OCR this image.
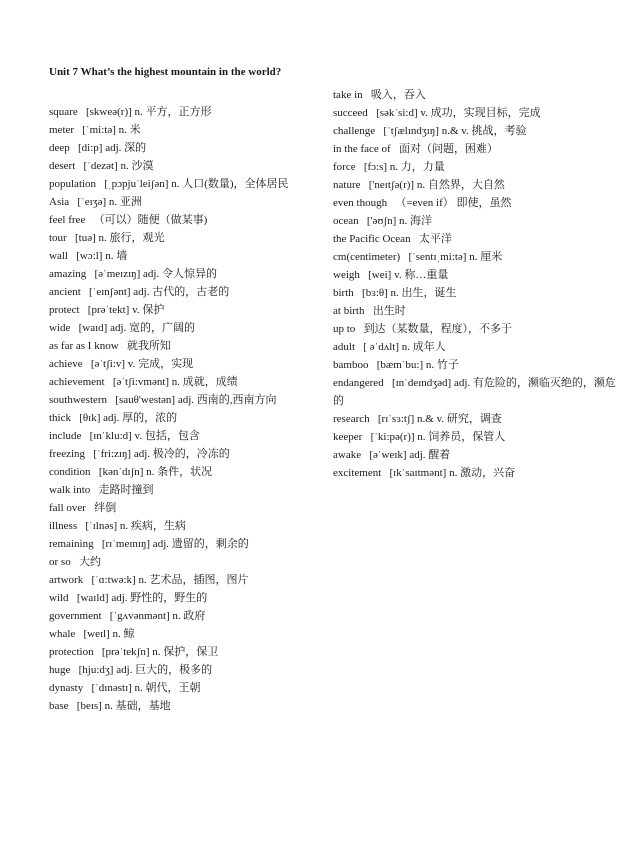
Unit 7 What’s the highest mountain in the world?
square [skweə(r)] n. 平方，正方形
meter [ˈmi:tə] n. 米
deep [di:p] adj. 深的
desert [ˈdezət] n. 沙漠
population [ˌpɔpjuˈleiʃən] n. 人口(数量)，全体居民
Asia [ˈeɪʒə] n. 亚洲
feel free （可以）随便（做某事)
tour [tuə] n. 旅行，观光
wall [wɔ:l] n. 墙
amazing [əˈmeɪzɪŋ] adj. 令人惊异的
ancient [ˈeɪnʃənt] adj. 古代的，古老的
protect [prəˈtekt] v. 保护
wide [waɪd] adj. 宽的，广阔的
as far as I know 就我所知
achieve [əˈtʃi:v] v. 完成，实现
achievement [əˈtʃi:vmənt] n. 成就，成绩
southwestern [sauθ'westən] adj. 西南的,西南方向
thick [θɪk] adj. 厚的，浓的
include [ɪnˈklu:d] v. 包括，包含
freezing [ˈfri:zɪŋ] adj. 极冷的，冷冻的
condition [kənˈdɪʃn] n. 条件，状况
walk into 走路时撞到
fall over 绊倒
illness [ˈɪlnəs] n. 疾病，生病
remaining [rɪˈmeɪnɪŋ] adj. 遗留的，剩余的
or so 大约
artwork [ˈɑ:twə:k] n. 艺术品，插图，图片
wild [waɪld] adj. 野性的，野生的
government [ˈgʌvənmənt] n. 政府
whale [weɪl] n. 鲸
protection [prəˈtekʃn] n. 保护，保卫
huge [hju:dʒ] adj. 巨大的，极多的
dynasty [ˈdɪnəstɪ] n. 朝代，王朝
base [beɪs] n. 基础，基地
take in 吸入，吞入
succeed [səkˈsi:d] v. 成功，实现目标，完成
challenge [ˈtʃælɪndʒɪŋ] n.& v. 挑战，考验
in the face of 面对（问题，困难）
force [fɔ:s] n. 力，力量
nature ['neɪtʃə(r)] n. 自然界，大自然
even though （=even if） 即使，虽然
ocean ['əʊʃn] n. 海洋
the Pacific Ocean 太平洋
cm(centimeter) [ˈsentɪˌmi:tə] n. 厘米
weigh [wei] v. 称…重量
birth [bɜ:θ] n. 出生，诞生
at birth 出生时
up to 到达（某数量，程度），不多于
adult [ əˈdʌlt] n. 成年人
bamboo [bæmˈbu:] n. 竹子
endangered [ɪnˈdeɪndʒəd] adj. 有危险的，濒临灭绝的，濒危的
research [rɪˈsɜ:tʃ] n.& v. 研究，调查
keeper [ˈki:pə(r)] n. 饲养员，保管人
awake [əˈweɪk] adj. 醒着
excitement [ɪkˈsaɪtmənt] n. 激动，兴奋
